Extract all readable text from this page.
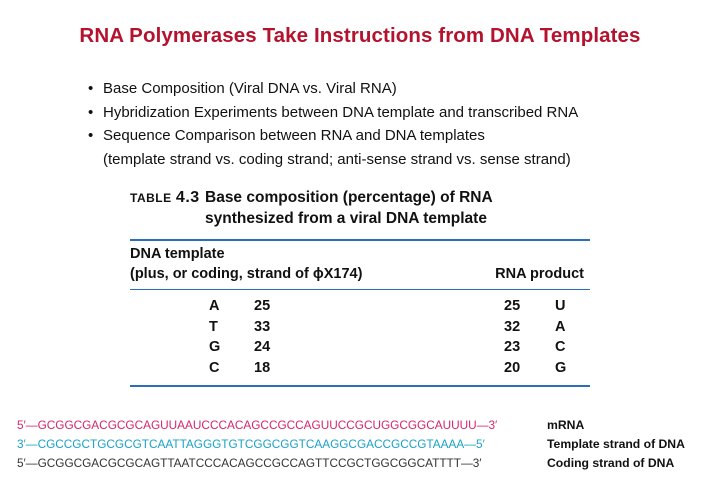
RNA Polymerases Take Instructions from DNA Templates
• Base Composition (Viral DNA vs. Viral RNA)
• Hybridization Experiments between DNA template and transcribed RNA
• Sequence Comparison between RNA and DNA templates
(template strand vs. coding strand; anti-sense strand vs. sense strand)
TABLE 4.3 Base composition (percentage) of RNA
synthesized from a viral DNA template
DNA template
(plus, or coding, strand of ϕX174)	RNA product
A 25	25 U
T 33	32 A
G 24	23 C
C 18	20 G
5′—GCGGCGACGCGCAGUUAAUCCCACAGCCGCCAGUUCCGCUGGCGGCAUUUU—3′	mRNA
3′—CGCCGCTGCGCGTCAATTAGGGTGTCGGCGGTCAAGGCGACCGCCGTAAAA—5′	Template strand of DNA
5′—GCGGCGACGCGCAGTTAATCCCACAGCCGCCAGTTCCGCTGGCGGCATTTT—3′	Coding strand of DNA
